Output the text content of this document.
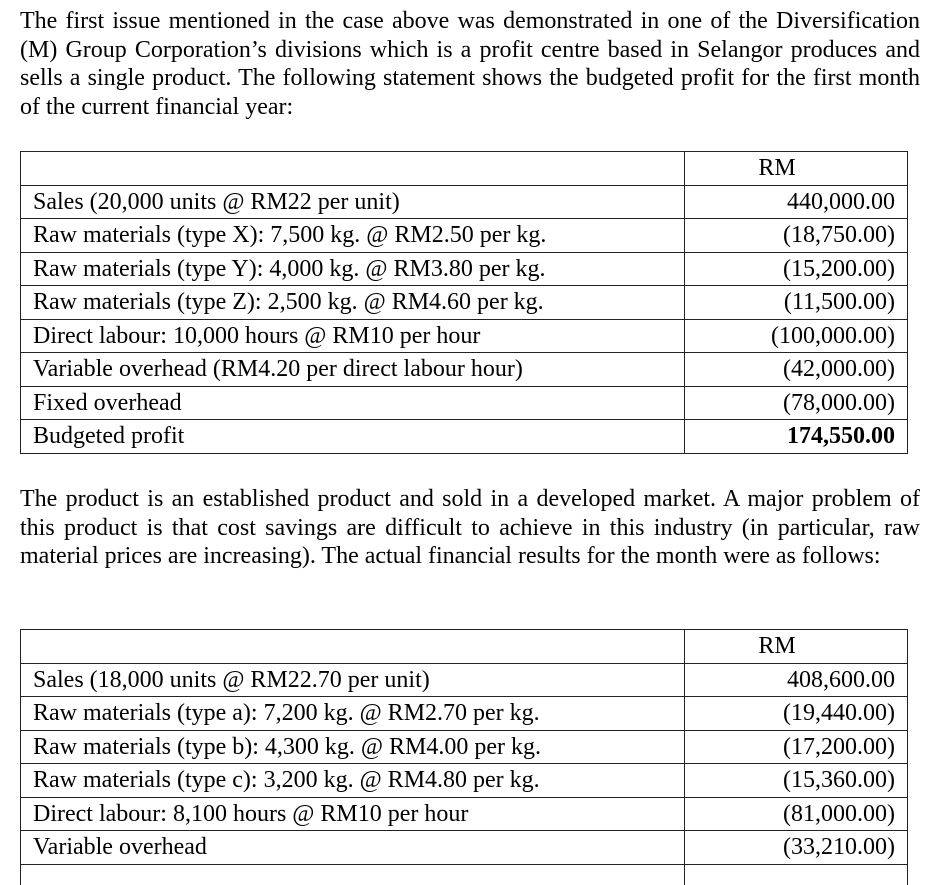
The first issue mentioned in the case above was demonstrated in one of the Diversification (M) Group Corporation’s divisions which is a profit centre based in Selangor produces and sells a single product. The following statement shows the budgeted profit for the first month of the current financial year:

	RM
Sales (20,000 units @ RM22 per unit)	440,000.00
Raw materials (type X): 7,500 kg. @ RM2.50 per kg.	(18,750.00)
Raw materials (type Y): 4,000 kg. @ RM3.80 per kg.	(15,200.00)
Raw materials (type Z): 2,500 kg. @ RM4.60 per kg.	(11,500.00)
Direct labour: 10,000 hours @ RM10 per hour	(100,000.00)
Variable overhead (RM4.20 per direct labour hour)	(42,000.00)
Fixed overhead	(78,000.00)
Budgeted profit	174,550.00

The product is an established product and sold in a developed market. A major problem of this product is that cost savings are difficult to achieve in this industry (in particular, raw material prices are increasing). The actual financial results for the month were as follows:

	RM
Sales (18,000 units @ RM22.70 per unit)	408,600.00
Raw materials (type a): 7,200 kg. @ RM2.70 per kg.	(19,440.00)
Raw materials (type b): 4,300 kg. @ RM4.00 per kg.	(17,200.00)
Raw materials (type c): 3,200 kg. @ RM4.80 per kg.	(15,360.00)
Direct labour: 8,100 hours @ RM10 per hour	(81,000.00)
Variable overhead	(33,210.00)
